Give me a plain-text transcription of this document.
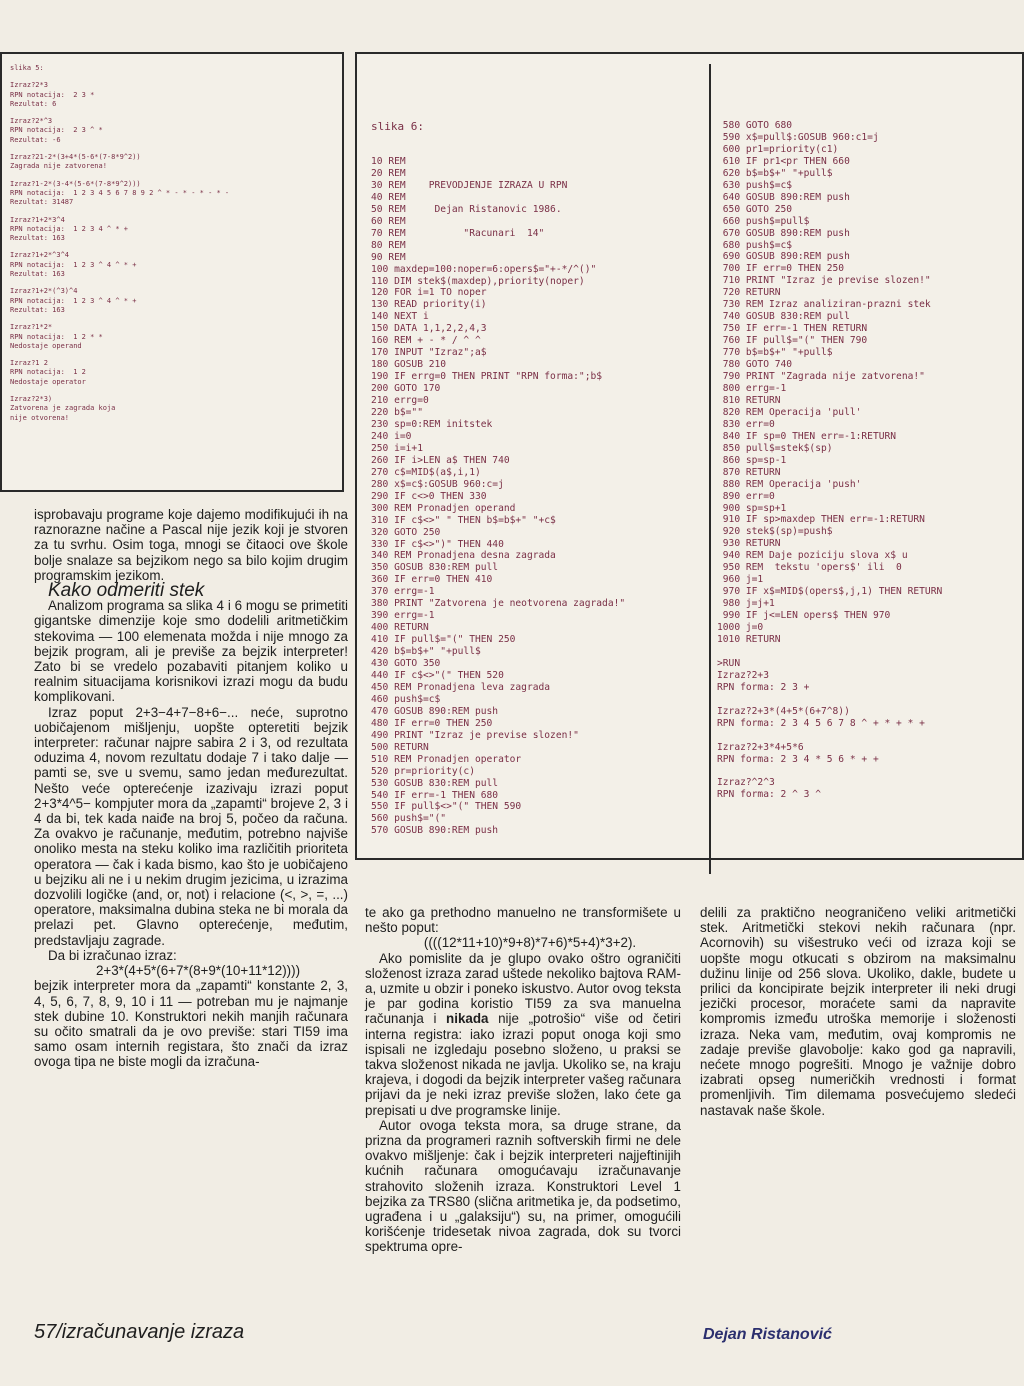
slika 5:
Izraz?2*3
RPN notacija:  2 3 *
Rezultat: 6
Izraz?2*^3
RPN notacija:  2 3 ^ *
Rezultat: -6
Izraz?21-2*(3+4*(5-6*(7-8*9^2))
Zagrada nije zatvorena!
Izraz?1-2*(3-4*(5-6*(7-8*9^2)))
RPN notacija:  1 2 3 4 5 6 7 8 9 2 ^ * - * - * - * -
Rezultat: 31487
Izraz?1+2*3^4
RPN notacija:  1 2 3 4 ^ * +
Rezultat: 163
Izraz?1+2*^3^4
RPN notacija:  1 2 3 ^ 4 ^ * +
Rezultat: 163
Izraz?1+2*(^3)^4
RPN notacija:  1 2 3 ^ 4 ^ * +
Rezultat: 163
Izraz?1*2*
RPN notacija:  1 2 * *
Nedostaje operand
Izraz?1 2
RPN notacija:  1 2
Nedostaje operator
Izraz?2*3)
Zatvorena je zagrada koja
nije otvorena!
slika 6:
10 REM
20 REM
30 REM    PREVODJENJE IZRAZA U RPN
40 REM
50 REM     Dejan Ristanovic 1986.
60 REM
70 REM          "Racunari  14"
80 REM
90 REM
100 maxdep=100:noper=6:opers$="+-*/^()"
110 DIM stek$(maxdep),priority(noper)
120 FOR i=1 TO noper
130 READ priority(i)
140 NEXT i
150 DATA 1,1,2,2,4,3
160 REM + - * / ^ ^
170 INPUT "Izraz";a$
180 GOSUB 210
190 IF errg=0 THEN PRINT "RPN forma:";b$
200 GOTO 170
210 errg=0
220 b$=""
230 sp=0:REM initstek
240 i=0
250 i=i+1
260 IF i>LEN a$ THEN 740
270 c$=MID$(a$,i,1)
280 x$=c$:GOSUB 960:c=j
290 IF c<>0 THEN 330
300 REM Pronadjen operand
310 IF c$<>" " THEN b$=b$+" "+c$
320 GOTO 250
330 IF c$<>")" THEN 440
340 REM Pronadjena desna zagrada
350 GOSUB 830:REM pull
360 IF err=0 THEN 410
370 errg=-1
380 PRINT "Zatvorena je neotvorena zagrada!"
390 errg=-1
400 RETURN
410 IF pull$="(" THEN 250
420 b$=b$+" "+pull$
430 GOTO 350
440 IF c$<>"(" THEN 520
450 REM Pronadjena leva zagrada
460 push$=c$
470 GOSUB 890:REM push
480 IF err=0 THEN 250
490 PRINT "Izraz je previse slozen!"
500 RETURN
510 REM Pronadjen operator
520 pr=priority(c)
530 GOSUB 830:REM pull
540 IF err=-1 THEN 680
550 IF pull$<>"(" THEN 590
560 push$="("
570 GOSUB 890:REM push
580 GOTO 680
590 x$=pull$:GOSUB 960:c1=j
600 pr1=priority(c1)
610 IF pr1<pr THEN 660
620 b$=b$+" "+pull$
630 push$=c$
640 GOSUB 890:REM push
650 GOTO 250
660 push$=pull$
670 GOSUB 890:REM push
680 push$=c$
690 GOSUB 890:REM push
700 IF err=0 THEN 250
710 PRINT "Izraz je previse slozen!"
720 RETURN
730 REM Izraz analiziran-prazni stek
740 GOSUB 830:REM pull
750 IF err=-1 THEN RETURN
760 IF pull$="(" THEN 790
770 b$=b$+" "+pull$
780 GOTO 740
790 PRINT "Zagrada nije zatvorena!"
800 errg=-1
810 RETURN
820 REM Operacija 'pull'
830 err=0
840 IF sp=0 THEN err=-1:RETURN
850 pull$=stek$(sp)
860 sp=sp-1
870 RETURN
880 REM Operacija 'push'
890 err=0
900 sp=sp+1
910 IF sp>maxdep THEN err=-1:RETURN
920 stek$(sp)=push$
930 RETURN
940 REM Daje poziciju slova x$ u
950 REM  tekstu 'opers$' ili  0
960 j=1
970 IF x$=MID$(opers$,j,1) THEN RETURN
980 j=j+1
990 IF j<=LEN opers$ THEN 970
1000 j=0
1010 RETURN

>RUN
Izraz?2+3
RPN forma: 2 3 +

Izraz?2+3*(4+5*(6+7^8))
RPN forma: 2 3 4 5 6 7 8 ^ + * + * +

Izraz?2+3*4+5*6
RPN forma: 2 3 4 * 5 6 * + +

Izraz?^2^3
RPN forma: 2 ^ 3 ^

isprobavaju programe koje dajemo modifikujući ih na raznorazne načine a Pascal nije jezik koji je stvoren za tu svrhu. Osim toga, mnogi se čitaoci ove škole bolje snalaze sa bejzikom nego sa bilo kojim drugim programskim jezikom.

Kako odmeriti stek

Analizom programa sa slika 4 i 6 mogu se primetiti gigantske dimenzije koje smo dodelili aritmetičkim stekovima — 100 elemenata možda i nije mnogo za bejzik program, ali je previše za bejzik interpreter! Zato bi se vredelo pozabaviti pitanjem koliko u realnim situacijama korisnikovi izrazi mogu da budu komplikovani.

Izraz poput 2+3−4+7−8+6−... neće, suprotno uobičajenom mišljenju, uopšte opteretiti bejzik interpreter: računar najpre sabira 2 i 3, od rezultata oduzima 4, novom rezultatu dodaje 7 i tako dalje — pamti se, sve u svemu, samo jedan međurezultat. Nešto veće opterećenje izazivaju izrazi poput 2+3*4^5− kompjuter mora da „zapamti“ brojeve 2, 3 i 4 da bi, tek kada naiđe na broj 5, počeo da računa. Za ovakvo je računanje, međutim, potrebno najviše onoliko mesta na steku koliko ima različitih prioriteta operatora — čak i kada bismo, kao što je uobičajeno u bejziku ali ne i u nekim drugim jezicima, u izrazima dozvolili logičke (and, or, not) i relacione (<, >, =, ...) operatore, maksimalna dubina steka ne bi morala da prelazi pet. Glavno opterećenje, međutim, predstavljaju zagrade.

Da bi izračunao izraz:

2+3*(4+5*(6+7*(8+9*(10+11*12))))

bejzik interpreter mora da „zapamti“ konstante 2, 3, 4, 5, 6, 7, 8, 9, 10 i 11 — potreban mu je najmanje stek dubine 10. Konstruktori nekih manjih računara su očito smatrali da je ovo previše: stari TI59 ima samo osam internih registara, što znači da izraz ovoga tipa ne biste mogli da izračuna-

te ako ga prethodno manuelno ne transformišete u nešto poput:

((((12*11+10)*9+8)*7+6)*5+4)*3+2).

Ako pomislite da je glupo ovako oštro ograničiti složenost izraza zarad uštede nekoliko bajtova RAM-a, uzmite u obzir i poneko iskustvo. Autor ovog teksta je par godina koristio TI59 za sva manuelna računanja i nikada nije „potrošio“ više od četiri interna registra: iako izrazi poput onoga koji smo ispisali ne izgledaju posebno složeno, u praksi se takva složenost nikada ne javlja. Ukoliko se, na kraju krajeva, i dogodi da bejzik interpreter vašeg računara prijavi da je neki izraz previše složen, lako ćete ga prepisati u dve programske linije.

Autor ovoga teksta mora, sa druge strane, da prizna da programeri raznih softverskih firmi ne dele ovakvo mišljenje: čak i bejzik interpreteri najjeftinijih kućnih računara omogućavaju izračunavanje strahovito složenih izraza. Konstruktori Level 1 bejzika za TRS80 (slična aritmetika je, da podsetimo, ugrađena i u „galaksiju“) su, na primer, omogućili korišćenje tridesetak nivoa zagrada, dok su tvorci spektruma opre-

delili za praktično neograničeno veliki aritmetički stek. Aritmetički stekovi nekih računara (npr. Acornovih) su višestruko veći od izraza koji se uopšte mogu otkucati s obzirom na maksimalnu dužinu linije od 256 slova. Ukoliko, dakle, budete u prilici da koncipirate bejzik interpreter ili neki drugi jezički procesor, moraćete sami da napravite kompromis između utroška memorije i složenosti izraza. Neka vam, međutim, ovaj kompromis ne zadaje previše glavobolje: kako god ga napravili, nećete mnogo pogrešiti. Mnogo je važnije dobro izabrati opseg numeričkih vrednosti i format promenljivih. Tim dilemama posvećujemo sledeći nastavak naše škole.

57/izračunavanje izraza	Dejan Ristanović
